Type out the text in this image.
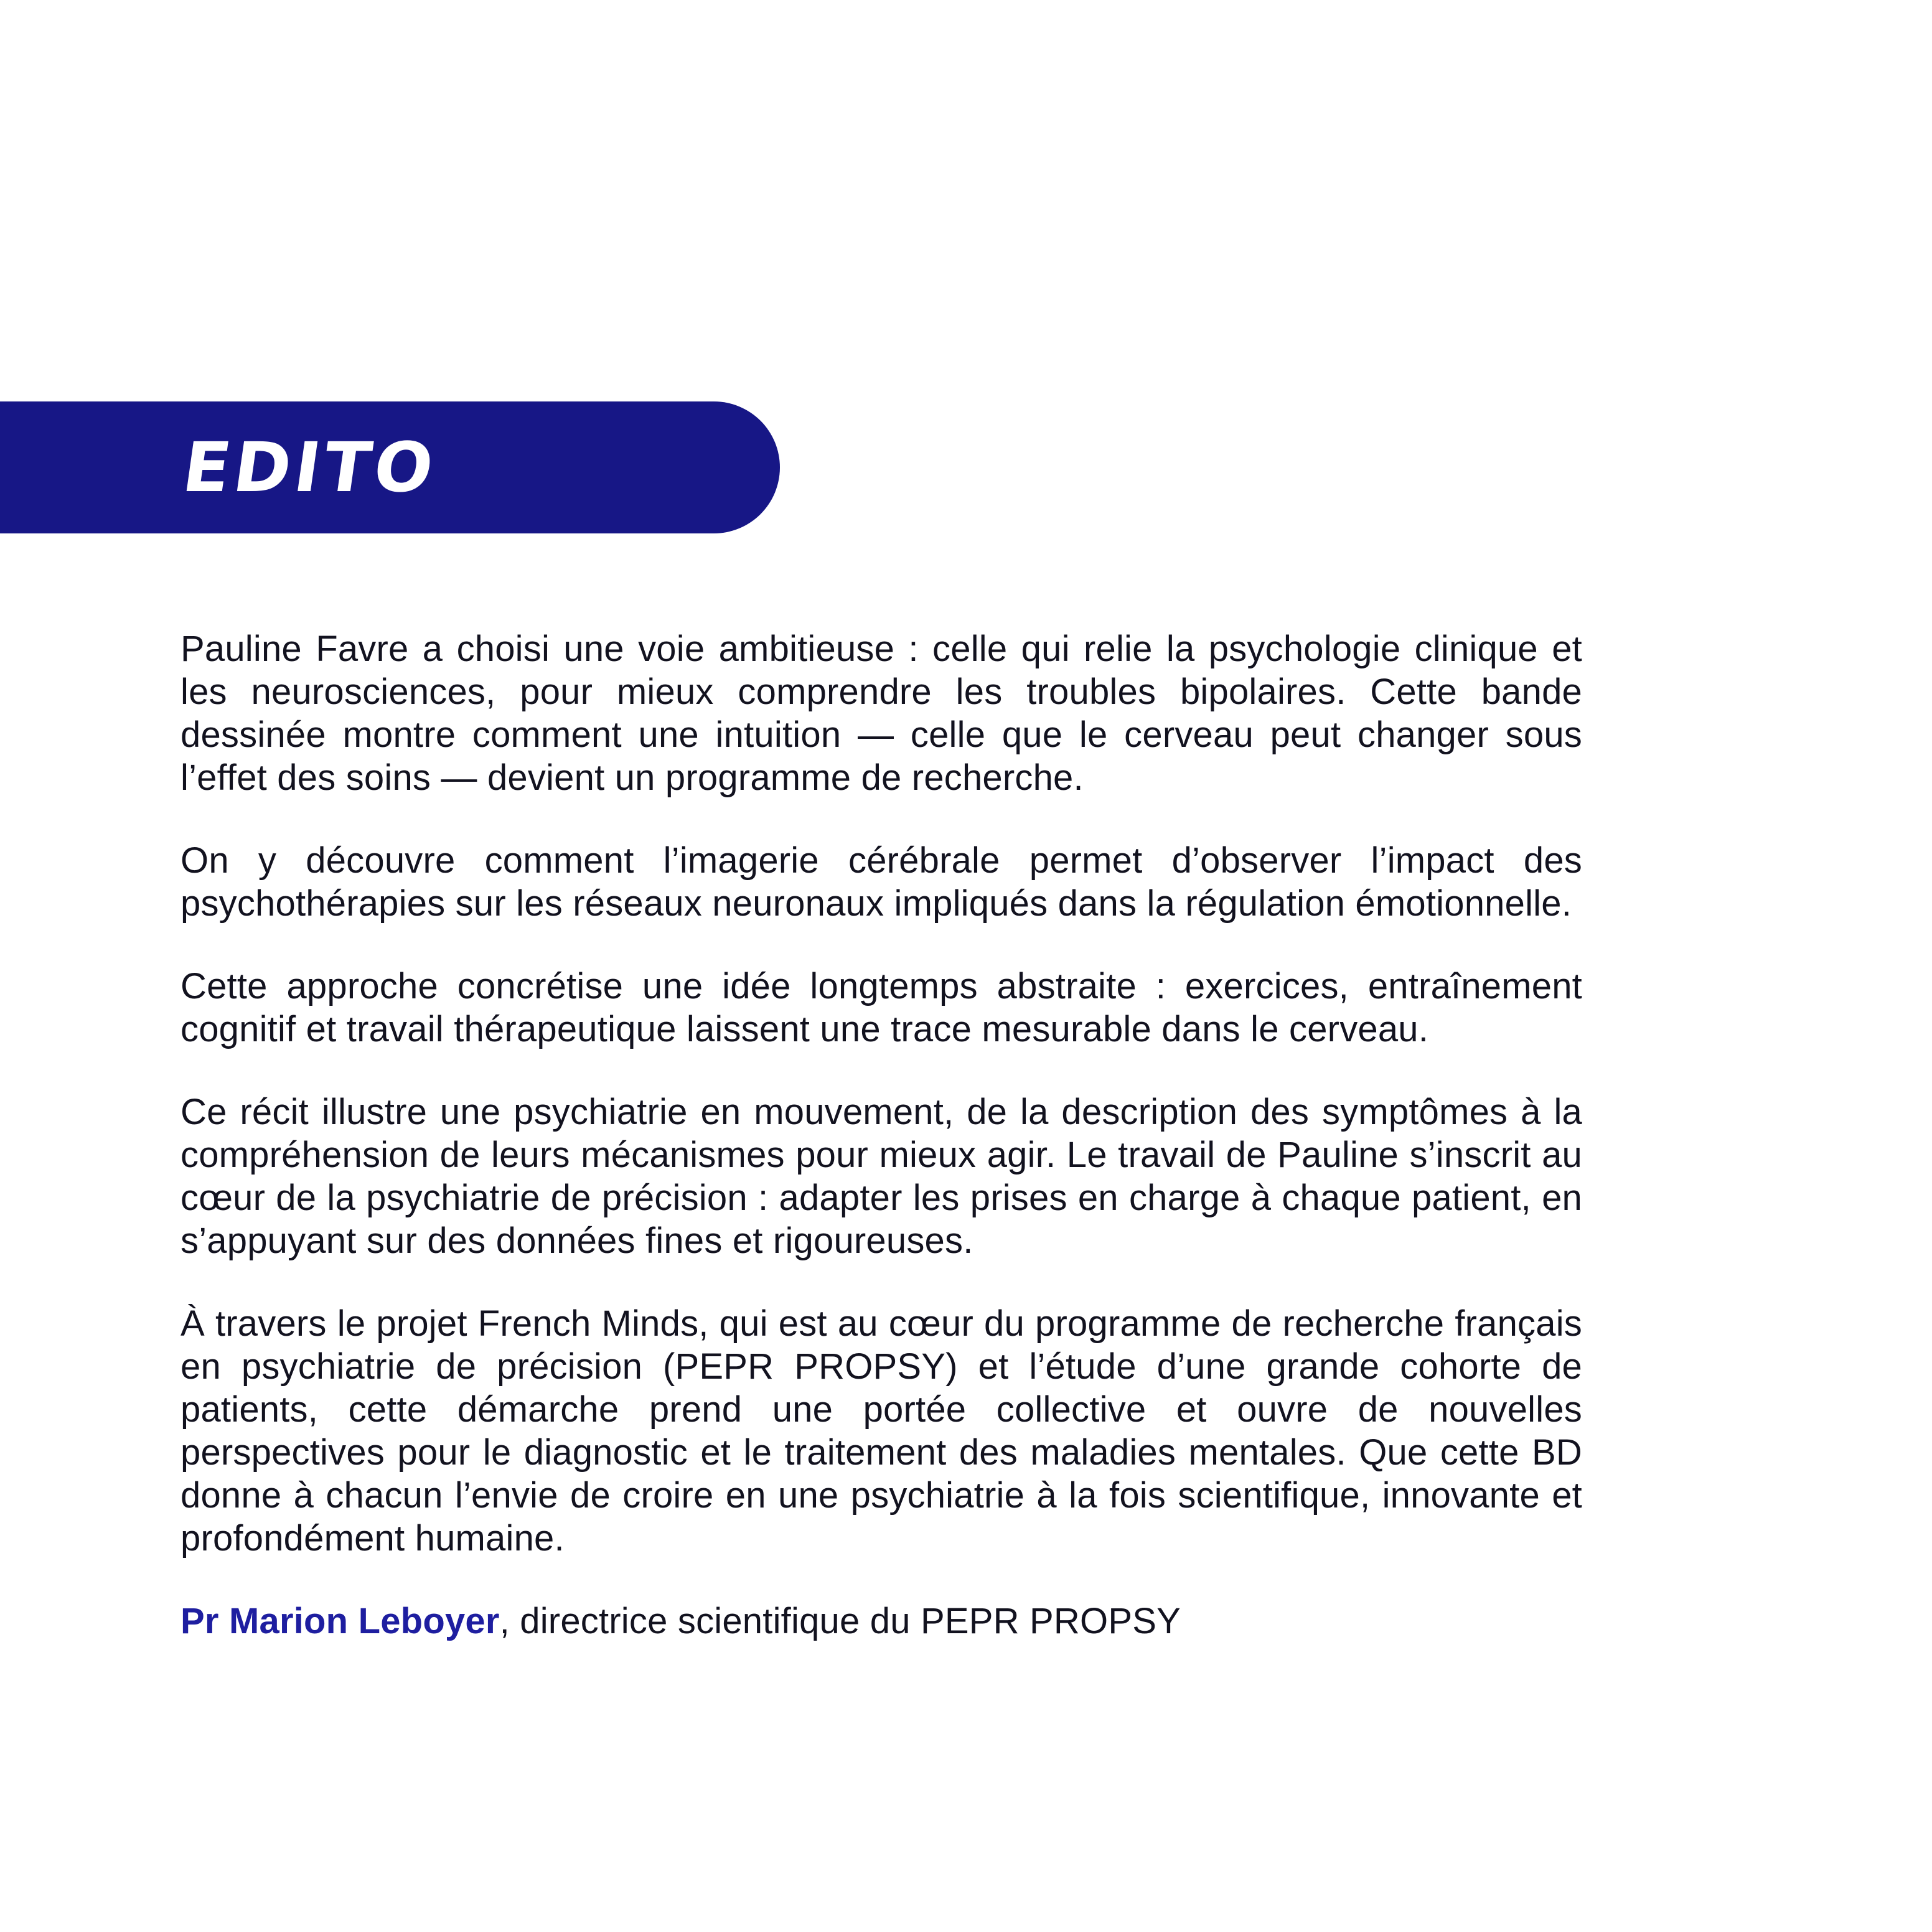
EDITO

Pauline Favre a choisi une voie ambitieuse : celle qui relie la psychologie clinique et les neurosciences, pour mieux comprendre les troubles bipolaires. Cette bande dessinée montre comment une intuition — celle que le cerveau peut changer sous l’effet des soins — devient un programme de recherche.

On y découvre comment l’imagerie cérébrale permet d’observer l’impact des psychothérapies sur les réseaux neuronaux impliqués dans la régulation émotionnelle.

Cette approche concrétise une idée longtemps abstraite : exercices, entraînement cognitif et travail thérapeutique laissent une trace mesurable dans le cerveau.

Ce récit illustre une psychiatrie en mouvement, de la description des symptômes à la compréhension de leurs mécanismes pour mieux agir. Le travail de Pauline s’inscrit au cœur de la psychiatrie de précision : adapter les prises en charge à chaque patient, en s’appuyant sur des données fines et rigoureuses.

À travers le projet French Minds, qui est au cœur du programme de recherche français en psychiatrie de précision (PEPR PROPSY) et l’étude d’une grande cohorte de patients, cette démarche prend une portée collective et ouvre de nouvelles perspectives pour le diagnostic et le traitement des maladies mentales. Que cette BD donne à chacun l’envie de croire en une psychiatrie à la fois scientifique, innovante et profondément humaine.

Pr Marion Leboyer, directrice scientifique du PEPR PROPSY
